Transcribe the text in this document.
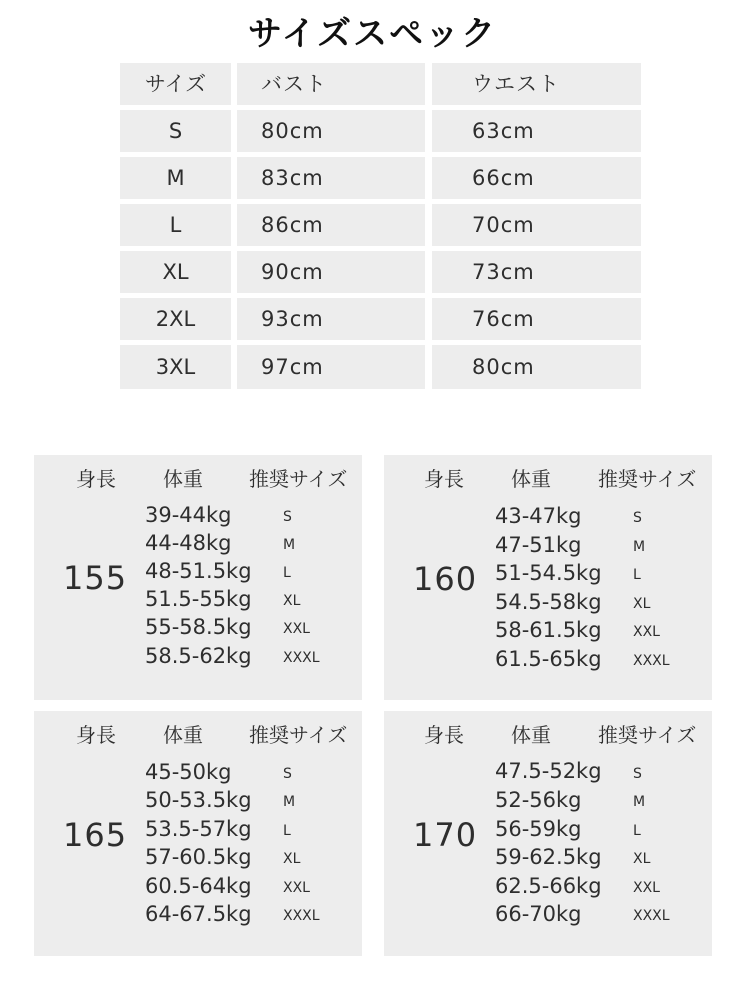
サイズスペック
サイズ	バスト	ウエスト
S	80cm	63cm
M	83cm	66cm
L	86cm	70cm
XL	90cm	73cm
2XL	93cm	76cm
3XL	97cm	80cm
身長 体重 推奨サイズ
155
39-44kg	S
44-48kg	M
48-51.5kg L
51.5-55kg XL
55-58.5kg XXL
58.5-62kg XXXL
身長 体重 推奨サイズ
160
43-47kg	S
47-51kg	M
51-54.5kg L
54.5-58kg XL
58-61.5kg XXL
61.5-65kg XXXL
身長 体重 推奨サイズ
165
45-50kg	S
50-53.5kg M
53.5-57kg L
57-60.5kg XL
60.5-64kg XXL
64-67.5kg XXXL
身長 体重 推奨サイズ
170
47.5-52kg S
52-56kg	M
56-59kg	L
59-62.5kg XL
62.5-66kg XXL
66-70kg	XXXL
